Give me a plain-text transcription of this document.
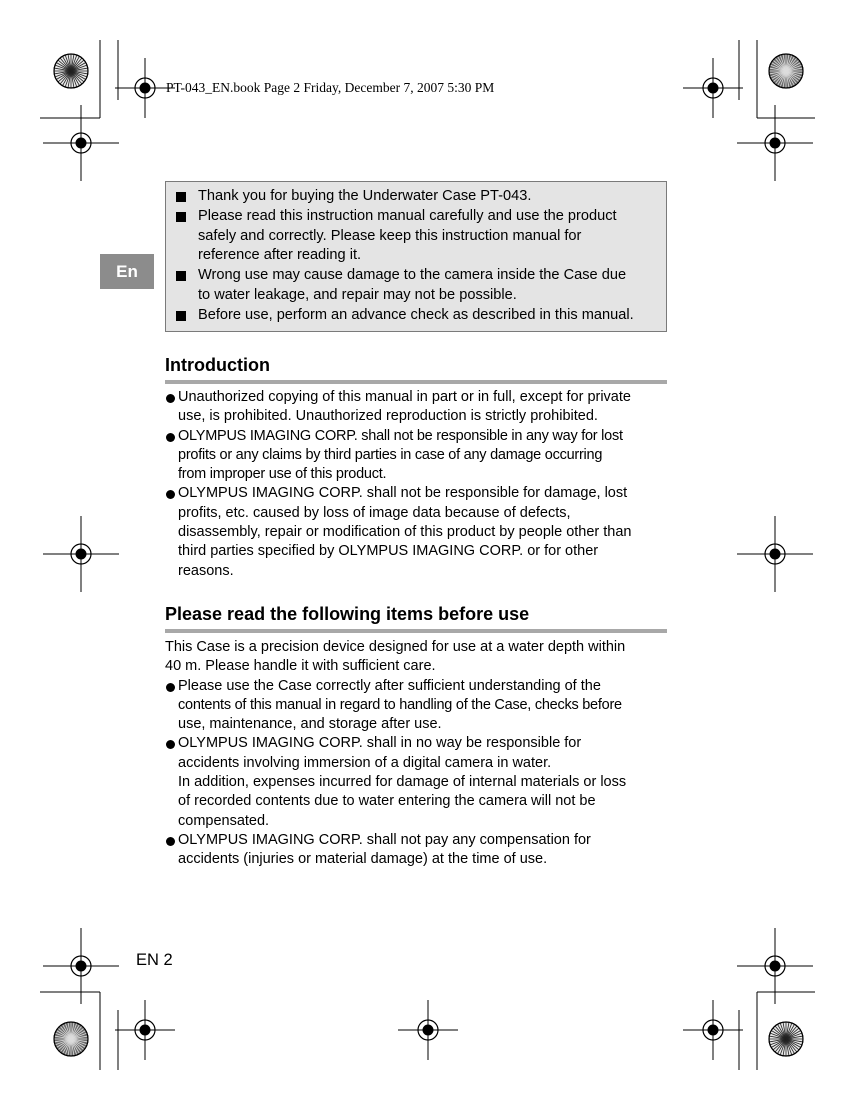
PT-043_EN.book Page 2 Friday, December 7, 2007 5:30 PM
En
Thank you for buying the Underwater Case PT-043.
Please read this instruction manual carefully and use the product
safely and correctly. Please keep this instruction manual for
reference after reading it.
Wrong use may cause damage to the camera inside the Case due
to water leakage, and repair may not be possible.
Before use, perform an advance check as described in this manual.
Introduction
Unauthorized copying of this manual in part or in full, except for private
use, is prohibited. Unauthorized reproduction is strictly prohibited.
OLYMPUS IMAGING CORP. shall not be responsible in any way for lost
profits or any claims by third parties in case of any damage occurring
from improper use of this product.
OLYMPUS IMAGING CORP. shall not be responsible for damage, lost
profits, etc. caused by loss of image data because of defects,
disassembly, repair or modification of this product by people other than
third parties specified by OLYMPUS IMAGING CORP. or for other
reasons.
Please read the following items before use
This Case is a precision device designed for use at a water depth within
40 m. Please handle it with sufficient care.
Please use the Case correctly after sufficient understanding of the
contents of this manual in regard to handling of the Case, checks before
use, maintenance, and storage after use.
OLYMPUS IMAGING CORP. shall in no way be responsible for
accidents involving immersion of a digital camera in water.
In addition, expenses incurred for damage of internal materials or loss
of recorded contents due to water entering the camera will not be
compensated.
OLYMPUS IMAGING CORP. shall not pay any compensation for
accidents (injuries or material damage) at the time of use.
EN 2
